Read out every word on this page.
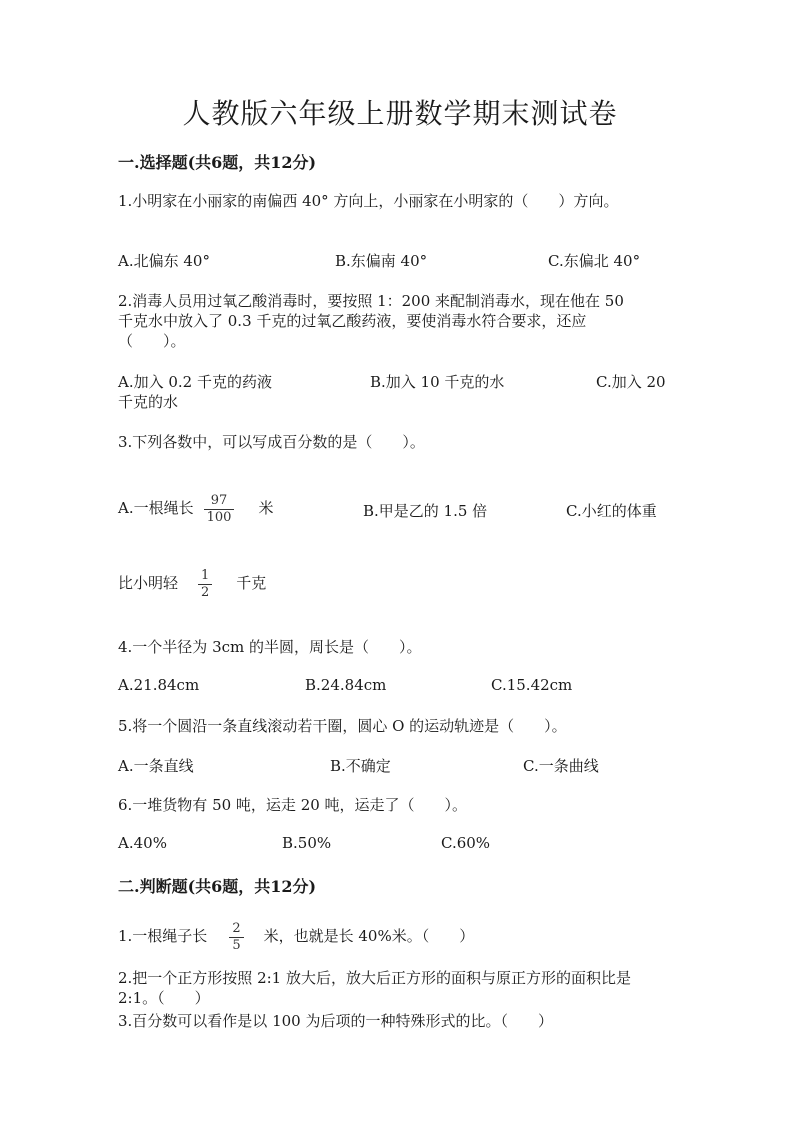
人教版六年级上册数学期末测试卷
一.选择题(共6题，共12分)
1.小明家在小丽家的南偏西 40° 方向上，小丽家在小明家的（　　）方向。
A.北偏东 40°	B.东偏南 40°	C.东偏北 40°
2.消毒人员用过氧乙酸消毒时，要按照 1：200 来配制消毒水，现在他在 50
千克水中放入了 0.3 千克的过氧乙酸药液，要使消毒水符合要求，还应
（　　）。
A.加入 0.2 千克的药液	B.加入 10 千克的水	C.加入 20
千克的水
3.下列各数中，可以写成百分数的是（　　）。
A.一根绳长 $\frac{97}{100}$ 米	B.甲是乙的 1.5 倍	C.小红的体重
比小明轻 $\frac{1}{2}$ 千克
4.一个半径为 3cm 的半圆，周长是（　　）。
A.21.84cm	B.24.84cm	C.15.42cm
5.将一个圆沿一条直线滚动若干圈，圆心 O 的运动轨迹是（　　）。
A.一条直线	B.不确定	C.一条曲线
6.一堆货物有 50 吨，运走 20 吨，运走了（　　）。
A.40%	B.50%	C.60%
二.判断题(共6题，共12分)
1.一根绳子长 $\frac{2}{5}$ 米，也就是长 40%米。（　　）
2.把一个正方形按照 2:1 放大后，放大后正方形的面积与原正方形的面积比是
2:1。（　　）
3.百分数可以看作是以 100 为后项的一种特殊形式的比。（　　）
